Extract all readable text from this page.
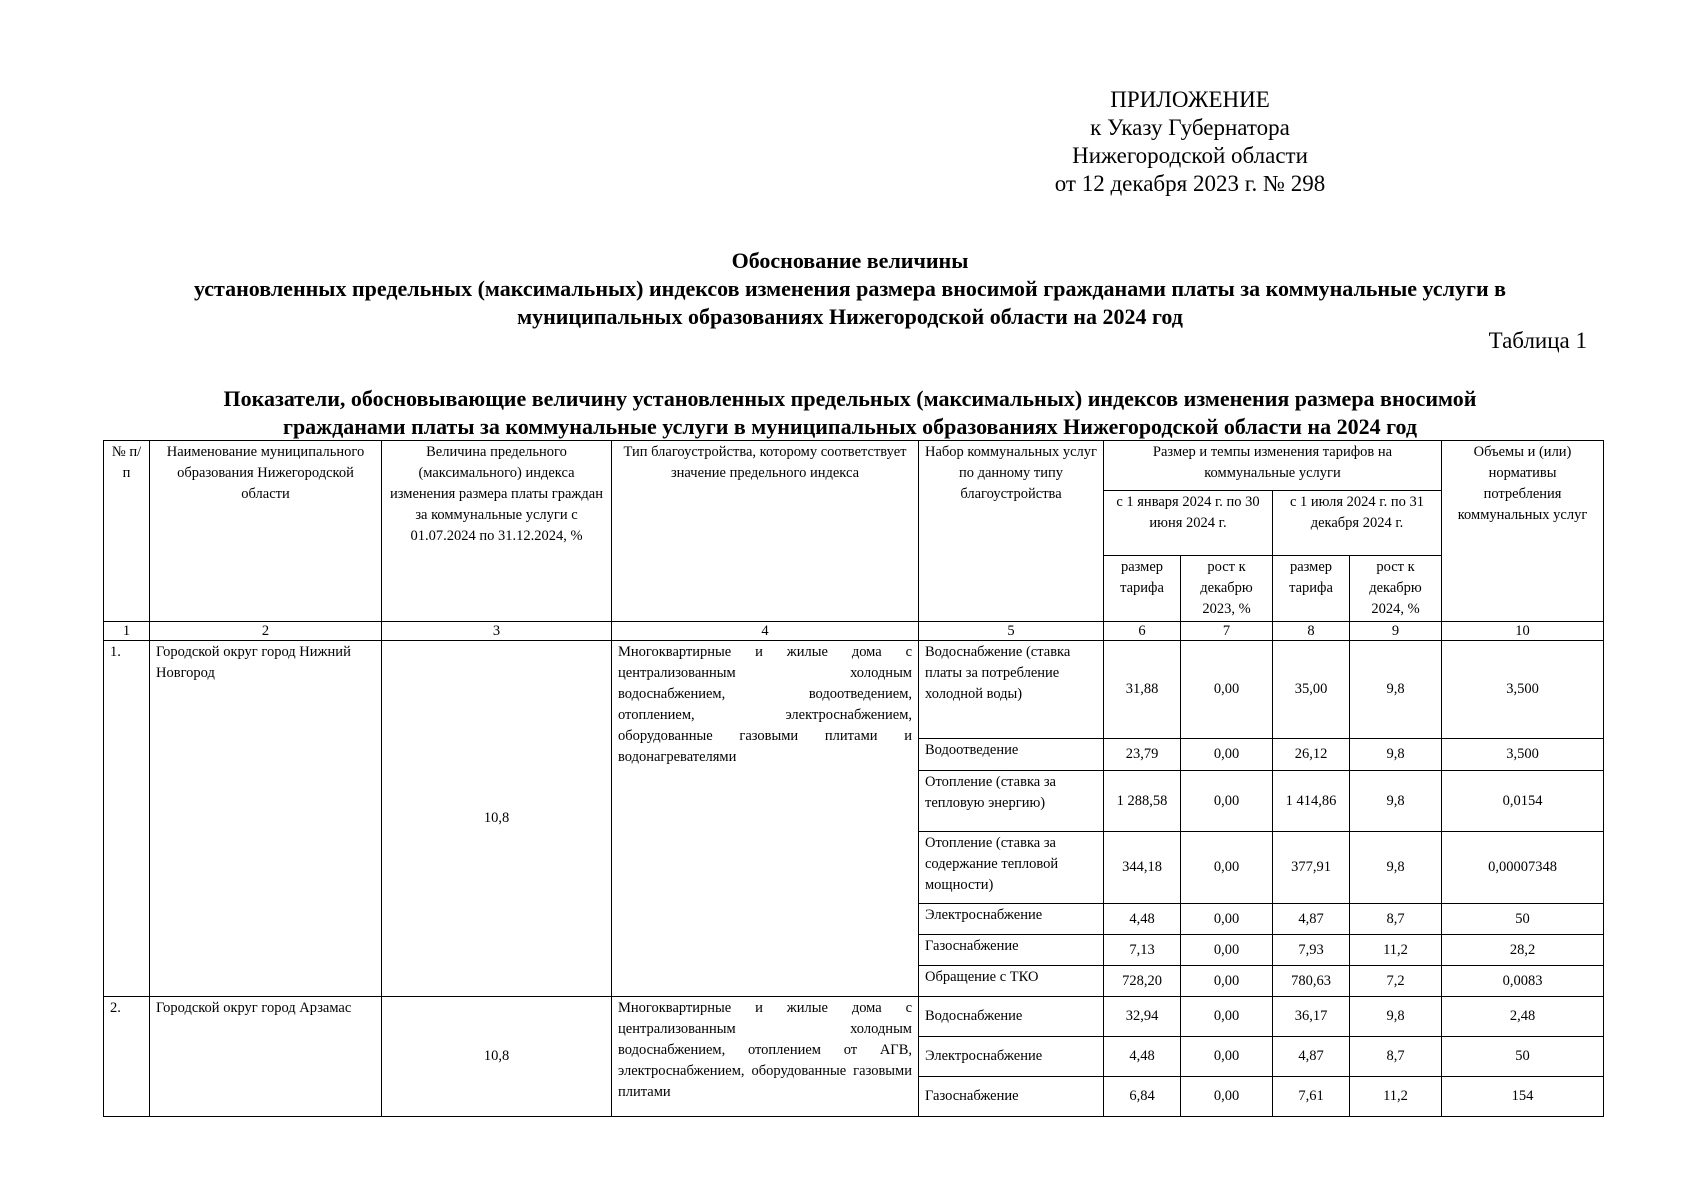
ПРИЛОЖЕНИЕ
к Указу Губернатора
Нижегородской области
от 12 декабря 2023 г. № 298
Обоснование величины
установленных предельных (максимальных) индексов изменения размера вносимой гражданами платы за коммунальные услуги в
муниципальных образованиях Нижегородской области на 2024 год
Таблица 1
Показатели, обосновывающие величину установленных предельных (максимальных) индексов изменения размера вносимой
гражданами платы за коммунальные услуги в муниципальных образованиях Нижегородской области на 2024 год
№ п/п	Наименование муниципального образования Нижегородской области	Величина предельного (максимального) индекса изменения размера платы граждан за коммунальные услуги с 01.07.2024 по 31.12.2024, %	Тип благоустройства, которому соответствует значение предельного индекса	Набор коммунальных услуг по данному типу благоустройства	Размер и темпы изменения тарифов на коммунальные услуги				Объемы и (или) нормативы потребления коммунальных услуг
					с 1 января 2024 г. по 30 июня 2024 г.		с 1 июля 2024 г. по 31 декабря 2024 г.		
					размер тарифа	рост к декабрю 2023, %	размер тарифа	рост к декабрю 2024, %	
1	2	3	4	5	6	7	8	9	10
1.	Городской округ город Нижний Новгород	10,8	Многоквартирные и жилые дома с централизованным холодным водоснабжением, водоотведением, отоплением, электроснабжением, оборудованные газовыми плитами и водонагревателями	Водоснабжение (ставка платы за потребление холодной воды)	31,88	0,00	35,00	9,8	3,500
				Водоотведение	23,79	0,00	26,12	9,8	3,500
				Отопление (ставка за тепловую энергию)	1 288,58	0,00	1 414,86	9,8	0,0154
				Отопление (ставка за содержание тепловой мощности)	344,18	0,00	377,91	9,8	0,00007348
				Электроснабжение	4,48	0,00	4,87	8,7	50
				Газоснабжение	7,13	0,00	7,93	11,2	28,2
				Обращение с ТКО	728,20	0,00	780,63	7,2	0,0083
2.	Городской округ город Арзамас	10,8	Многоквартирные и жилые дома с централизованным холодным водоснабжением, отоплением от АГВ, электроснабжением, оборудованные газовыми плитами	Водоснабжение	32,94	0,00	36,17	9,8	2,48
				Электроснабжение	4,48	0,00	4,87	8,7	50
				Газоснабжение	6,84	0,00	7,61	11,2	154
